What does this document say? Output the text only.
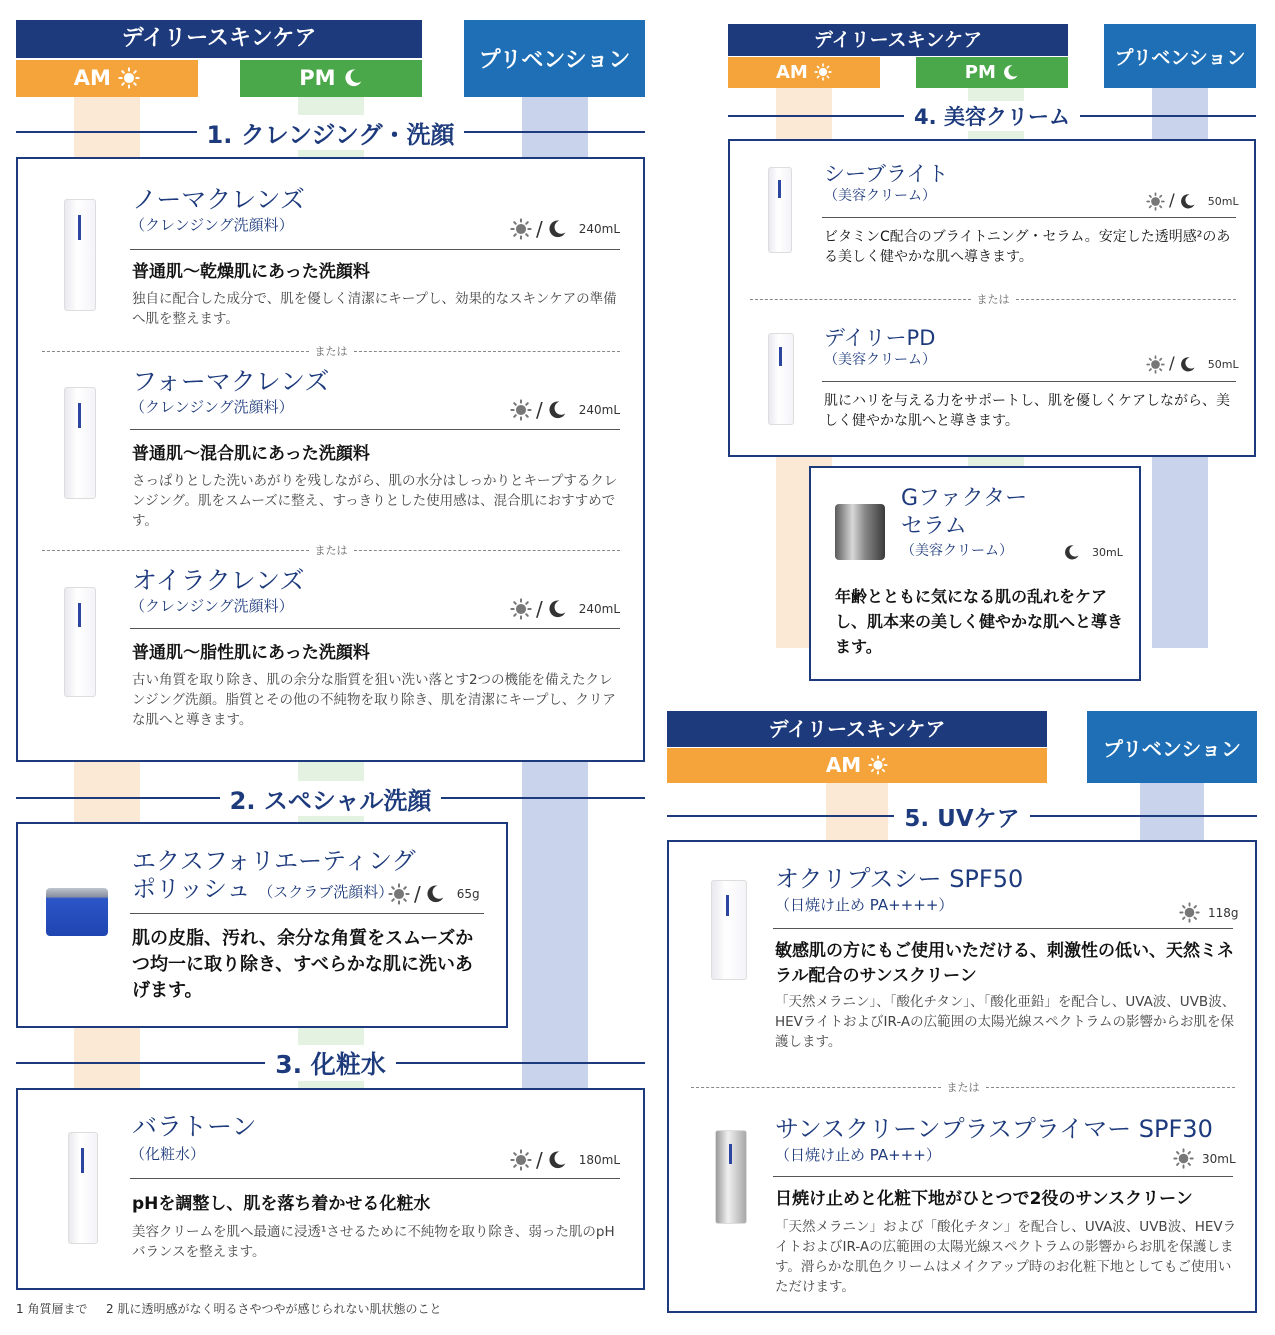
デイリースキンケア
AM	PM
プリベンション
1. クレンジング・洗顔
ノーマクレンズ
（クレンジング洗顔料）	/	240mL
普通肌〜乾燥肌にあった洗顔料
独自に配合した成分で、肌を優しく清潔にキープし、効果的なスキンケアの準備へ肌を整えます。
または
フォーマクレンズ
（クレンジング洗顔料）	/	240mL
普通肌〜混合肌にあった洗顔料
さっぱりとした洗いあがりを残しながら、肌の水分はしっかりとキープするクレンジング。肌をスムーズに整え、すっきりとした使用感は、混合肌におすすめです。
または
オイラクレンズ
（クレンジング洗顔料）	/	240mL
普通肌〜脂性肌にあった洗顔料
古い角質を取り除き、肌の余分な脂質を狙い洗い落とす2つの機能を備えたクレンジング洗顔。脂質とその他の不純物を取り除き、肌を清潔にキープし、クリアな肌へと導きます。
2. スペシャル洗顔
エクスフォリエーティング
ポリッシュ （スクラブ洗顔料） /	65g
肌の皮脂、汚れ、余分な角質をスムーズかつ均一に取り除き、すべらかな肌に洗いあげます。
3. 化粧水
バラトーン
（化粧水）	/	180mL
pHを調整し、肌を落ち着かせる化粧水
美容クリームを肌へ最適に浸透¹させるために不純物を取り除き、弱った肌のpHバランスを整えます。
1 角質層まで 2 肌に透明感がなく明るさやつやが感じられない肌状態のこと
デイリースキンケア
AM	PM
プリベンション
4. 美容クリーム
シーブライト
（美容クリーム）	/	50mL
ビタミンC配合のブライトニング・セラム。安定した透明感²のある美しく健やかな肌へ導きます。
または
デイリーPD
（美容クリーム）	/	50mL
肌にハリを与える力をサポートし、肌を優しくケアしながら、美しく健やかな肌へと導きます。
Gファクター
セラム
（美容クリーム）	30mL
年齢とともに気になる肌の乱れをケアし、肌本来の美しく健やかな肌へと導きます。
デイリースキンケア
AM
プリベンション
5. UVケア
オクリプスシー SPF50
（日焼け止め PA++++）	118g
敏感肌の方にもご使用いただける、刺激性の低い、天然ミネラル配合のサンスクリーン
「天然メラニン」、「酸化チタン」、「酸化亜鉛」を配合し、UVA波、UVB波、HEVライトおよびIR-Aの広範囲の太陽光線スペクトラムの影響からお肌を保護します。
または
サンスクリーンプラスプライマー SPF30
（日焼け止め PA+++）	30mL
日焼け止めと化粧下地がひとつで2役のサンスクリーン
「天然メラニン」および「酸化チタン」を配合し、UVA波、UVB波、HEVライトおよびIR-Aの広範囲の太陽光線スペクトラムの影響からお肌を保護します。滑らかな肌色クリームはメイクアップ時のお化粧下地としてもご使用いただけます。
